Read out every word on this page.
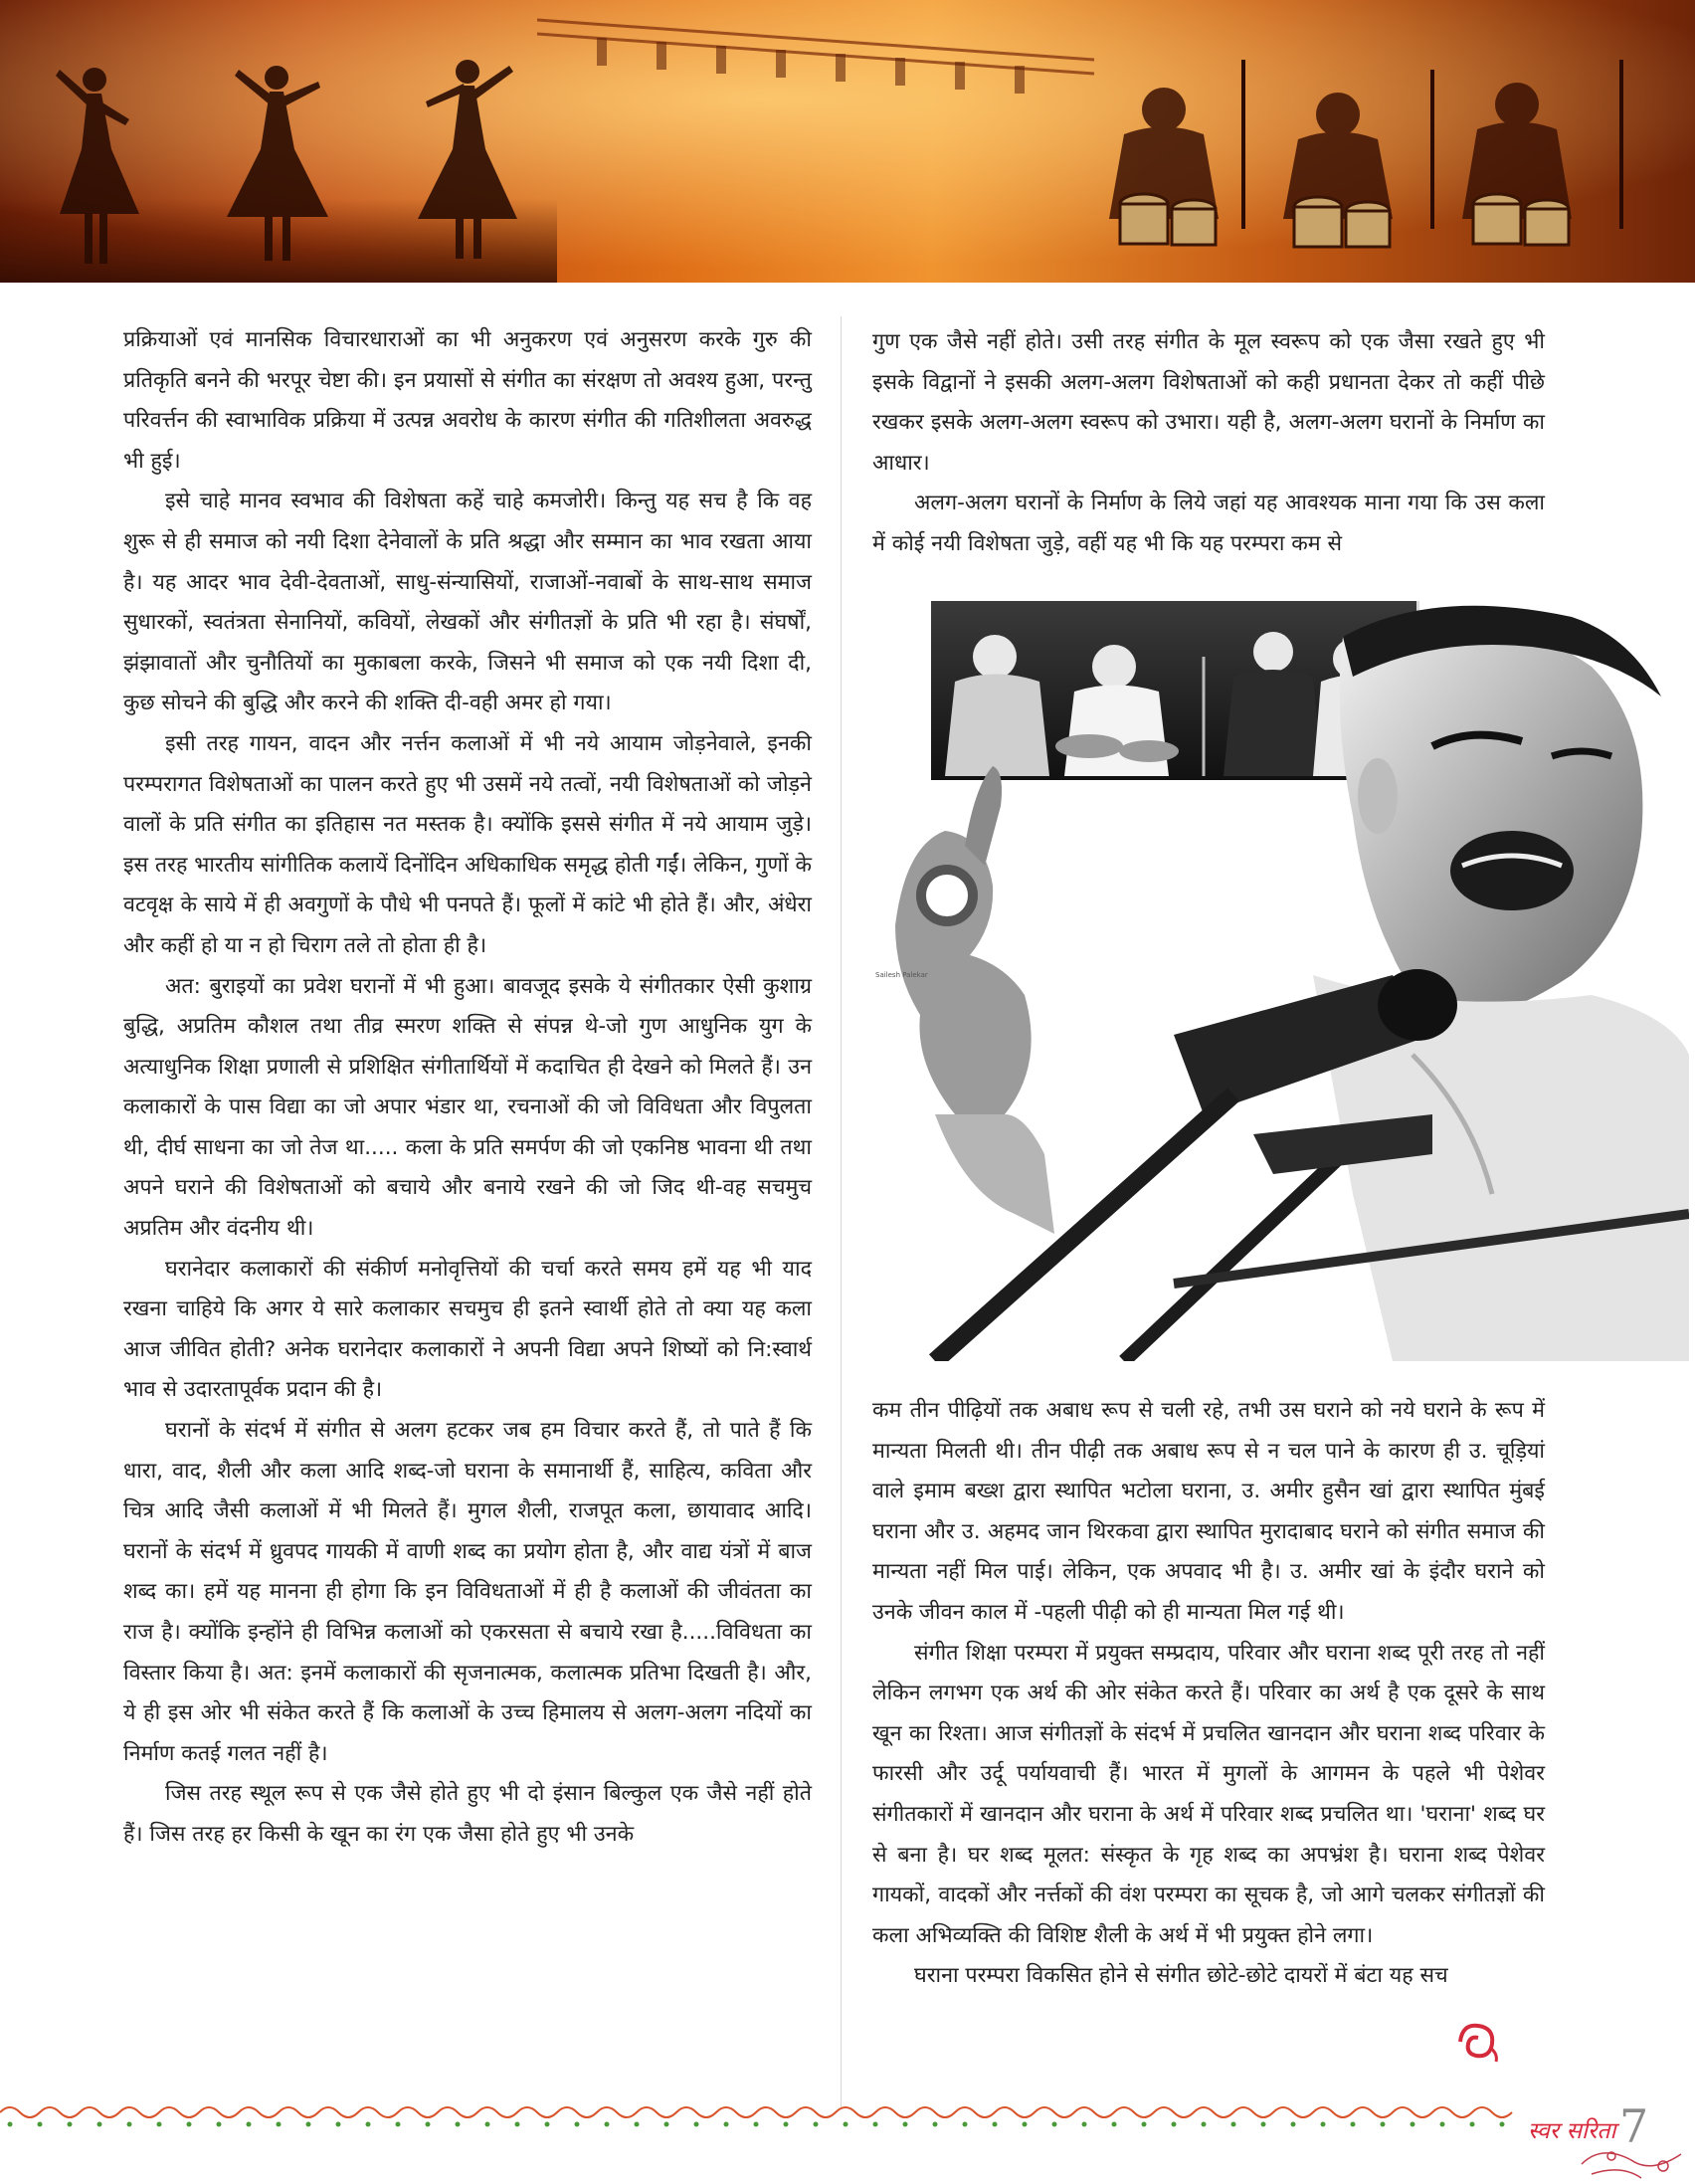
प्रक्रियाओं एवं मानसिक विचारधाराओं का भी अनुकरण एवं अनुसरण करके गुरु की प्रतिकृति बनने की भरपूर चेष्टा की। इन प्रयासों से संगीत का संरक्षण तो अवश्य हुआ, परन्तु परिवर्त्तन की स्वाभाविक प्रक्रिया में उत्पन्न अवरोध के कारण संगीत की गतिशीलता अवरुद्ध भी हुई।

इसे चाहे मानव स्वभाव की विशेषता कहें चाहे कमजोरी। किन्तु यह सच है कि वह शुरू से ही समाज को नयी दिशा देनेवालों के प्रति श्रद्धा और सम्मान का भाव रखता आया है। यह आदर भाव देवी-देवताओं, साधु-संन्यासियों, राजाओं-नवाबों के साथ-साथ समाज सुधारकों, स्वतंत्रता सेनानियों, कवियों, लेखकों और संगीतज्ञों के प्रति भी रहा है। संघर्षों, झंझावातों और चुनौतियों का मुकाबला करके, जिसने भी समाज को एक नयी दिशा दी, कुछ सोचने की बुद्धि और करने की शक्ति दी-वही अमर हो गया।

इसी तरह गायन, वादन और नर्त्तन कलाओं में भी नये आयाम जोड़नेवाले, इनकी परम्परागत विशेषताओं का पालन करते हुए भी उसमें नये तत्वों, नयी विशेषताओं को जोड़ने वालों के प्रति संगीत का इतिहास नत मस्तक है। क्योंकि इससे संगीत में नये आयाम जुड़े। इस तरह भारतीय सांगीतिक कलायें दिनोंदिन अधिकाधिक समृद्ध होती गईं। लेकिन, गुणों के वटवृक्ष के साये में ही अवगुणों के पौधे भी पनपते हैं। फूलों में कांटे भी होते हैं। और, अंधेरा और कहीं हो या न हो चिराग तले तो होता ही है।

अत: बुराइयों का प्रवेश घरानों में भी हुआ। बावजूद इसके ये संगीतकार ऐसी कुशाग्र बुद्धि, अप्रतिम कौशल तथा तीव्र स्मरण शक्ति से संपन्न थे-जो गुण आधुनिक युग के अत्याधुनिक शिक्षा प्रणाली से प्रशिक्षित संगीतार्थियों में कदाचित ही देखने को मिलते हैं। उन कलाकारों के पास विद्या का जो अपार भंडार था, रचनाओं की जो विविधता और विपुलता थी, दीर्घ साधना का जो तेज था..... कला के प्रति समर्पण की जो एकनिष्ठ भावना थी तथा अपने घराने की विशेषताओं को बचाये और बनाये रखने की जो जिद थी-वह सचमुच अप्रतिम और वंदनीय थी।

घरानेदार कलाकारों की संकीर्ण मनोवृत्तियों की चर्चा करते समय हमें यह भी याद रखना चाहिये कि अगर ये सारे कलाकार सचमुच ही इतने स्वार्थी होते तो क्या यह कला आज जीवित होती? अनेक घरानेदार कलाकारों ने अपनी विद्या अपने शिष्यों को नि:स्वार्थ भाव से उदारतापूर्वक प्रदान की है।

घरानों के संदर्भ में संगीत से अलग हटकर जब हम विचार करते हैं, तो पाते हैं कि धारा, वाद, शैली और कला आदि शब्द-जो घराना के समानार्थी हैं, साहित्य, कविता और चित्र आदि जैसी कलाओं में भी मिलते हैं। मुगल शैली, राजपूत कला, छायावाद आदि। घरानों के संदर्भ में ध्रुवपद गायकी में वाणी शब्द का प्रयोग होता है, और वाद्य यंत्रों में बाज शब्द का। हमें यह मानना ही होगा कि इन विविधताओं में ही है कलाओं की जीवंतता का राज है। क्योंकि इन्होंने ही विभिन्न कलाओं को एकरसता से बचाये रखा है.....विविधता का विस्तार किया है। अत: इनमें कलाकारों की सृजनात्मक, कलात्मक प्रतिभा दिखती है। और, ये ही इस ओर भी संकेत करते हैं कि कलाओं के उच्च हिमालय से अलग-अलग नदियों का निर्माण कतई गलत नहीं है।

जिस तरह स्थूल रूप से एक जैसे होते हुए भी दो इंसान बिल्कुल एक जैसे नहीं होते हैं। जिस तरह हर किसी के खून का रंग एक जैसा होते हुए भी उनके

गुण एक जैसे नहीं होते। उसी तरह संगीत के मूल स्वरूप को एक जैसा रखते हुए भी इसके विद्वानों ने इसकी अलग-अलग विशेषताओं को कही प्रधानता देकर तो कहीं पीछे रखकर इसके अलग-अलग स्वरूप को उभारा। यही है, अलग-अलग घरानों के निर्माण का आधार।

अलग-अलग घरानों के निर्माण के लिये जहां यह आवश्यक माना गया कि उस कला में कोई नयी विशेषता जुड़े, वहीं यह भी कि यह परम्परा कम से

Sailesh Palekar

कम तीन पीढ़ियों तक अबाध रूप से चली रहे, तभी उस घराने को नये घराने के रूप में मान्यता मिलती थी। तीन पीढ़ी तक अबाध रूप से न चल पाने के कारण ही उ. चूड़ियां वाले इमाम बख्श द्वारा स्थापित भटोला घराना, उ. अमीर हुसैन खां द्वारा स्थापित मुंबई घराना और उ. अहमद जान थिरकवा द्वारा स्थापित मुरादाबाद घराने को संगीत समाज की मान्यता नहीं मिल पाई। लेकिन, एक अपवाद भी है। उ. अमीर खां के इंदौर घराने को उनके जीवन काल में -पहली पीढ़ी को ही मान्यता मिल गई थी।

संगीत शिक्षा परम्परा में प्रयुक्त सम्प्रदाय, परिवार और घराना शब्द पूरी तरह तो नहीं लेकिन लगभग एक अर्थ की ओर संकेत करते हैं। परिवार का अर्थ है एक दूसरे के साथ खून का रिश्ता। आज संगीतज्ञों के संदर्भ में प्रचलित खानदान और घराना शब्द परिवार के फारसी और उर्दू पर्यायवाची हैं। भारत में मुगलों के आगमन के पहले भी पेशेवर संगीतकारों में खानदान और घराना के अर्थ में परिवार शब्द प्रचलित था। 'घराना' शब्द घर से बना है। घर शब्द मूलत: संस्कृत के गृह शब्द का अपभ्रंश है। घराना शब्द पेशेवर गायकों, वादकों और नर्त्तकों की वंश परम्परा का सूचक है, जो आगे चलकर संगीतज्ञों की कला अभिव्यक्ति की विशिष्ट शैली के अर्थ में भी प्रयुक्त होने लगा।

घराना परम्परा विकसित होने से संगीत छोटे-छोटे दायरों में बंटा यह सच

स्वर सरिता 7
